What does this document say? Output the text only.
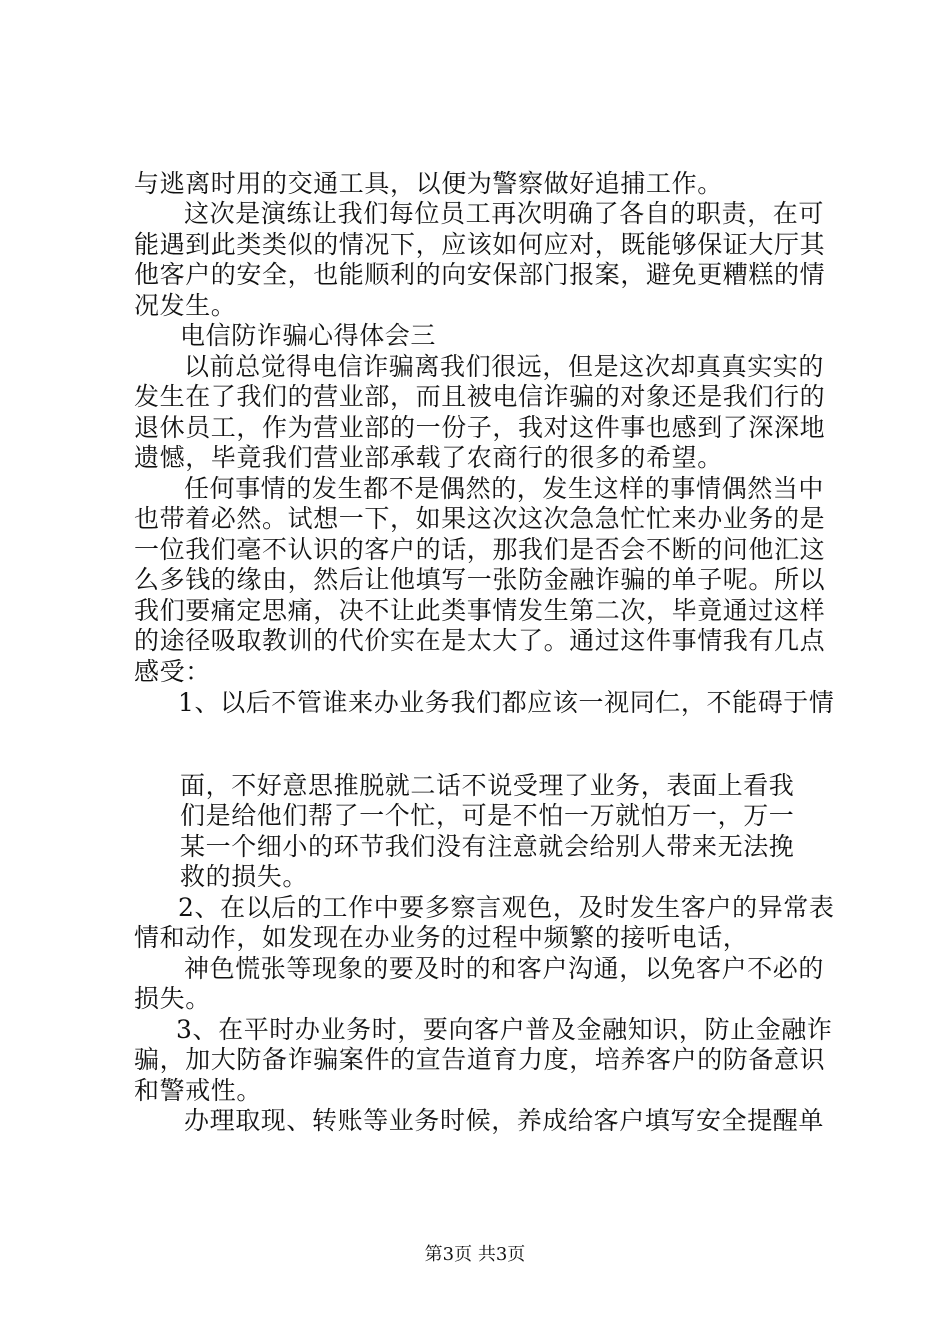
与逃离时用的交通工具，以便为警察做好追捕工作。
这次是演练让我们每位员工再次明确了各自的职责，在可
能遇到此类类似的情况下，应该如何应对，既能够保证大厅其
他客户的安全，也能顺利的向安保部门报案，避免更糟糕的情
况发生。
电信防诈骗心得体会三
以前总觉得电信诈骗离我们很远，但是这次却真真实实的
发生在了我们的营业部，而且被电信诈骗的对象还是我们行的
退休员工，作为营业部的一份子，我对这件事也感到了深深地
遗憾，毕竟我们营业部承载了农商行的很多的希望。
任何事情的发生都不是偶然的，发生这样的事情偶然当中
也带着必然。试想一下，如果这次这次急急忙忙来办业务的是
一位我们毫不认识的客户的话，那我们是否会不断的问他汇这
么多钱的缘由，然后让他填写一张防金融诈骗的单子呢。所以
我们要痛定思痛，决不让此类事情发生第二次，毕竟通过这样
的途径吸取教训的代价实在是太大了。通过这件事情我有几点
感受：
1、以后不管谁来办业务我们都应该一视同仁，不能碍于情
面，不好意思推脱就二话不说受理了业务，表面上看我
们是给他们帮了一个忙，可是不怕一万就怕万一，万一
某一个细小的环节我们没有注意就会给别人带来无法挽
救的损失。
2、在以后的工作中要多察言观色，及时发生客户的异常表
情和动作，如发现在办业务的过程中频繁的接听电话，
神色慌张等现象的要及时的和客户沟通，以免客户不必的
损失。
3、在平时办业务时，要向客户普及金融知识，防止金融诈
骗，加大防备诈骗案件的宣告道育力度，培养客户的防备意识
和警戒性。
办理取现、转账等业务时候，养成给客户填写安全提醒单
第3页 共3页
